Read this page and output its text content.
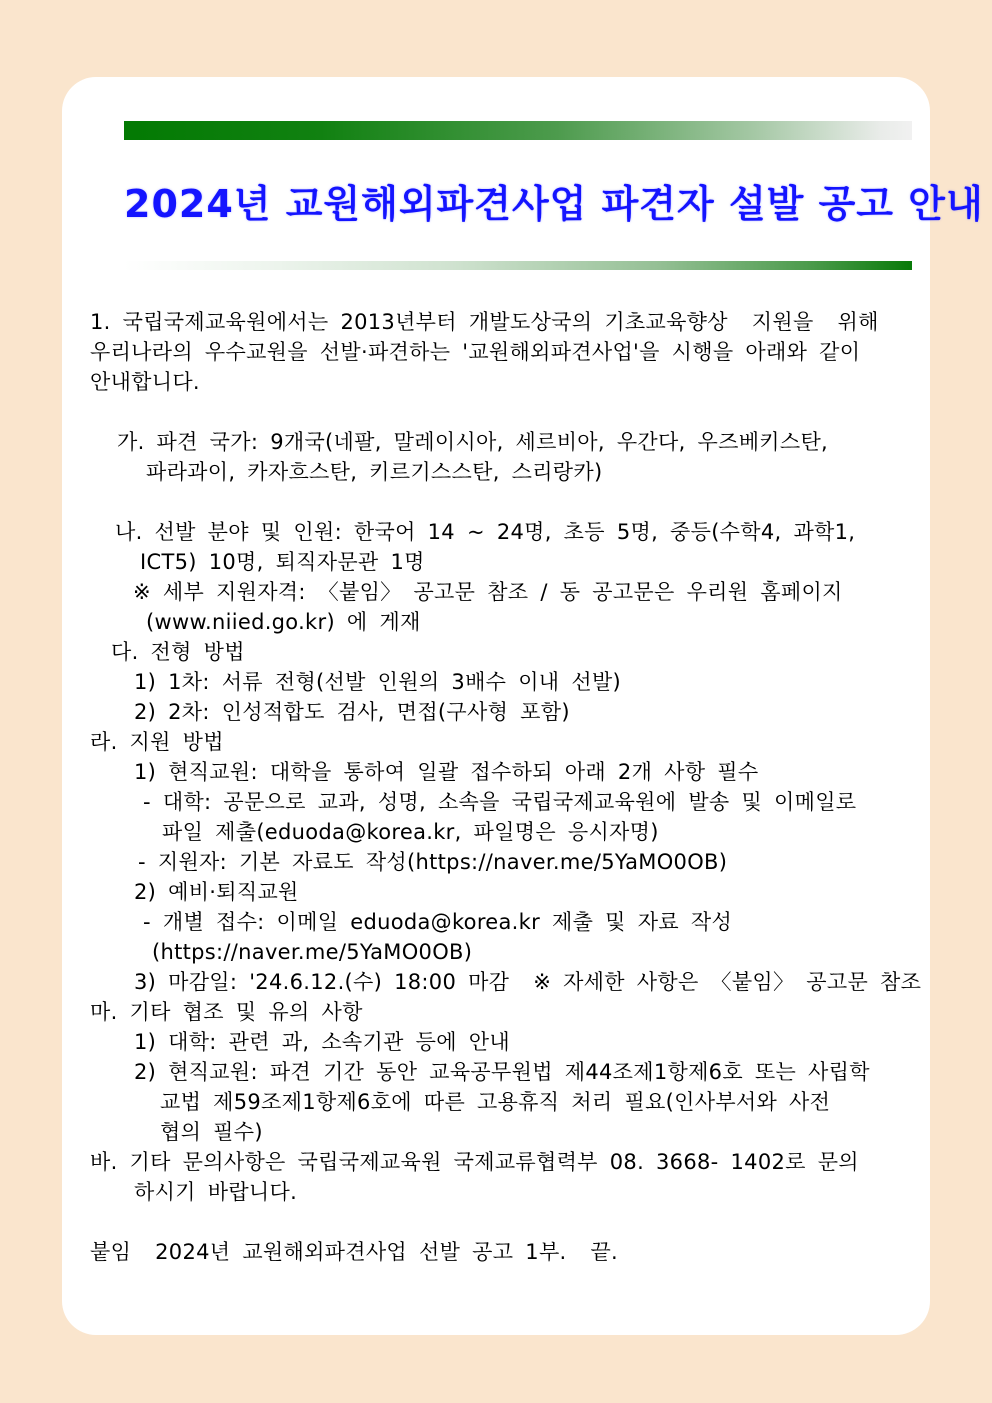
2024년 교원해외파견사업 파견자 설발 공고 안내
1. 국립국제교육원에서는 2013년부터 개발도상국의 기초교육향상  지원을  위해
우리나라의 우수교원을 선발·파견하는 '교원해외파견사업'을 시행을 아래와 같이
안내합니다.
가. 파견 국가: 9개국(네팔, 말레이시아, 세르비아, 우간다, 우즈베키스탄,
파라과이, 카자흐스탄, 키르기스스탄, 스리랑카)
나. 선발 분야 및 인원: 한국어 14 ~ 24명, 초등 5명, 중등(수학4, 과학1,
ICT5) 10명, 퇴직자문관 1명
※ 세부 지원자격: 〈붙임〉 공고문 참조 / 동 공고문은 우리원 홈페이지
(www.niied.go.kr) 에 게재
다. 전형 방법
1) 1차: 서류 전형(선발 인원의 3배수 이내 선발)
2) 2차: 인성적합도 검사, 면접(구사형 포함)
라. 지원 방법
1) 현직교원: 대학을 통하여 일괄 접수하되 아래 2개 사항 필수
- 대학: 공문으로 교과, 성명, 소속을 국립국제교육원에 발송 및 이메일로
파일 제출(eduoda@korea.kr, 파일명은 응시자명)
- 지원자: 기본 자료도 작성(https://naver.me/5YaMO0OB)
2) 예비·퇴직교원
- 개별 접수: 이메일 eduoda@korea.kr 제출 및 자료 작성
(https://naver.me/5YaMO0OB)
3) 마감일: '24.6.12.(수) 18:00 마감  ※ 자세한 사항은 〈붙임〉 공고문 참조
마. 기타 협조 및 유의 사항
1) 대학: 관련 과, 소속기관 등에 안내
2) 현직교원: 파견 기간 동안 교육공무원법 제44조제1항제6호 또는 사립학
교법 제59조제1항제6호에 따른 고용휴직 처리 필요(인사부서와 사전
협의 필수)
바. 기타 문의사항은 국립국제교육원 국제교류협력부 08. 3668- 1402로 문의
하시기 바랍니다.
붙임  2024년 교원해외파견사업 선발 공고 1부.  끝.
